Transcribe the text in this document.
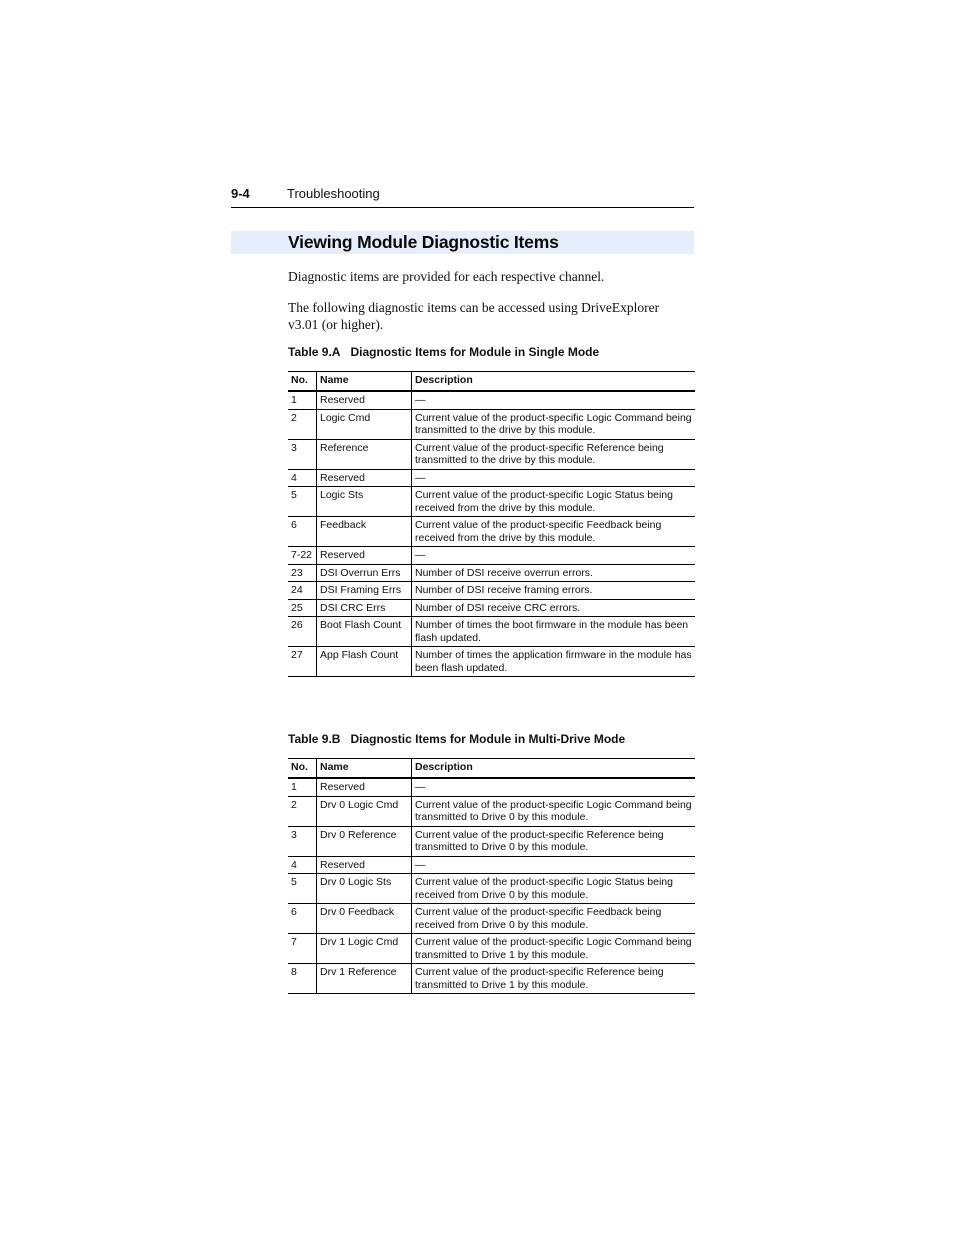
9-4	Troubleshooting
Viewing Module Diagnostic Items

Diagnostic items are provided for each respective channel.

The following diagnostic items can be accessed using DriveExplorer v3.01 (or higher).

Table 9.A Diagnostic Items for Module in Single Mode
No.	Name	Description
1	Reserved	—
2	Logic Cmd	Current value of the product-specific Logic Command being transmitted to the drive by this module.
3	Reference	Current value of the product-specific Reference being transmitted to the drive by this module.
4	Reserved	—
5	Logic Sts	Current value of the product-specific Logic Status being received from the drive by this module.
6	Feedback	Current value of the product-specific Feedback being received from the drive by this module.
7-22	Reserved	—
23	DSI Overrun Errs	Number of DSI receive overrun errors.
24	DSI Framing Errs	Number of DSI receive framing errors.
25	DSI CRC Errs	Number of DSI receive CRC errors.
26	Boot Flash Count	Number of times the boot firmware in the module has been flash updated.
27	App Flash Count	Number of times the application firmware in the module has been flash updated.
Table 9.B Diagnostic Items for Module in Multi-Drive Mode
No.	Name	Description
1	Reserved	—
2	Drv 0 Logic Cmd	Current value of the product-specific Logic Command being transmitted to Drive 0 by this module.
3	Drv 0 Reference	Current value of the product-specific Reference being transmitted to Drive 0 by this module.
4	Reserved	—
5	Drv 0 Logic Sts	Current value of the product-specific Logic Status being received from Drive 0 by this module.
6	Drv 0 Feedback	Current value of the product-specific Feedback being received from Drive 0 by this module.
7	Drv 1 Logic Cmd	Current value of the product-specific Logic Command being transmitted to Drive 1 by this module.
8	Drv 1 Reference	Current value of the product-specific Reference being transmitted to Drive 1 by this module.
